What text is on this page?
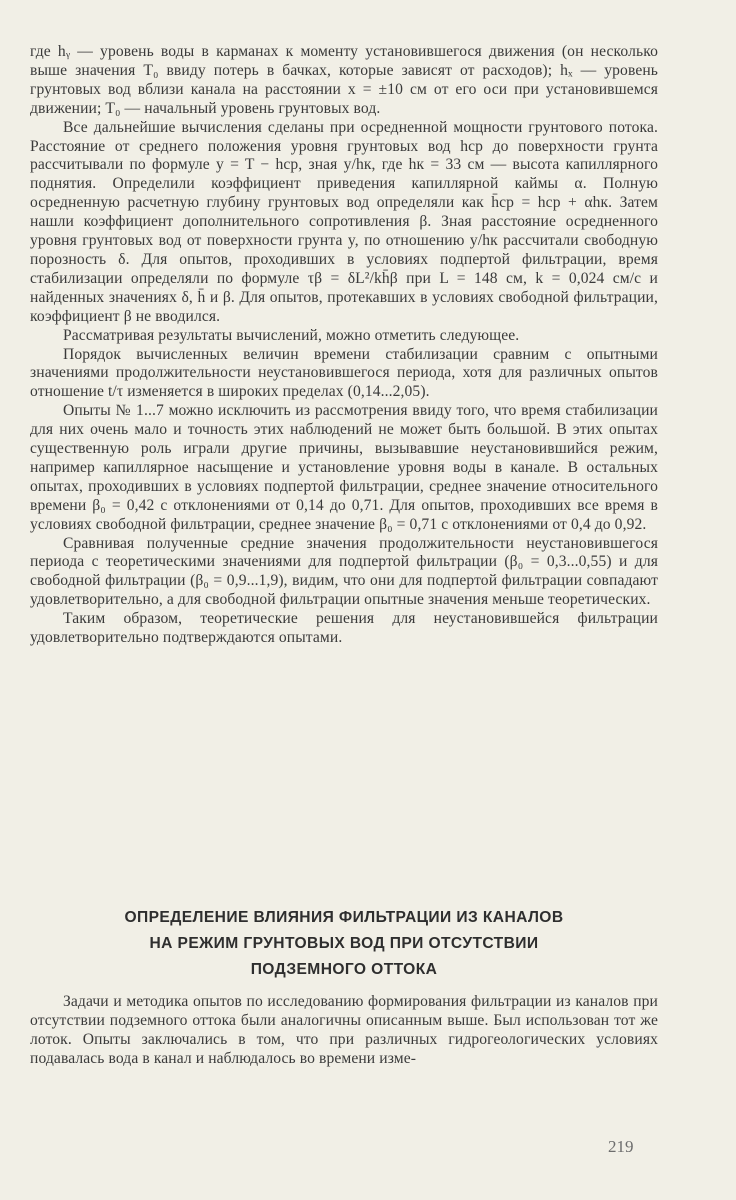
где hᵧ — уровень воды в карманах к моменту установившегося движения (он несколько выше значения T₀ ввиду потерь в бачках, которые зависят от расходов); hₓ — уровень грунтовых вод вблизи канала на расстоянии x = ±10 см от его оси при установившемся движении; T₀ — начальный уровень грунтовых вод.

Все дальнейшие вычисления сделаны при осредненной мощности грунтового потока. Расстояние от среднего положения уровня грунтовых вод hср до поверхности грунта рассчитывали по формуле y = T − hср, зная y/hк, где hк = 33 см — высота капиллярного поднятия. Определили коэффициент приведения капиллярной каймы α. Полную осредненную расчетную глубину грунтовых вод определяли как h̄ср = hср + αhк. Затем нашли коэффициент дополнительного сопротивления β. Зная расстояние осредненного уровня грунтовых вод от поверхности грунта y, по отношению y/hк рассчитали свободную порозность δ. Для опытов, проходивших в условиях подпертой фильтрации, время стабилизации определяли по формуле τβ = δL²/kh̄β при L = 148 см, k = 0,024 см/с и найденных значениях δ, h̄ и β. Для опытов, протекавших в условиях свободной фильтрации, коэффициент β не вводился.

Рассматривая результаты вычислений, можно отметить следующее.

Порядок вычисленных величин времени стабилизации сравним с опытными значениями продолжительности неустановившегося периода, хотя для различных опытов отношение t/τ изменяется в широких пределах (0,14...2,05).

Опыты № 1...7 можно исключить из рассмотрения ввиду того, что время стабилизации для них очень мало и точность этих наблюдений не может быть большой. В этих опытах существенную роль играли другие причины, вызывавшие неустановившийся режим, например капиллярное насыщение и установление уровня воды в канале. В остальных опытах, проходивших в условиях подпертой фильтрации, среднее значение относительного времени β₀ = 0,42 с отклонениями от 0,14 до 0,71. Для опытов, проходивших все время в условиях свободной фильтрации, среднее значение β₀ = 0,71 с отклонениями от 0,4 до 0,92.

Сравнивая полученные средние значения продолжительности неустановившегося периода с теоретическими значениями для подпертой фильтрации (β₀ = 0,3...0,55) и для свободной фильтрации (β₀ = 0,9...1,9), видим, что они для подпертой фильтрации совпадают удовлетворительно, а для свободной фильтрации опытные значения меньше теоретических.

Таким образом, теоретические решения для неустановившейся фильтрации удовлетворительно подтверждаются опытами.

ОПРЕДЕЛЕНИЕ ВЛИЯНИЯ ФИЛЬТРАЦИИ ИЗ КАНАЛОВ
НА РЕЖИМ ГРУНТОВЫХ ВОД ПРИ ОТСУТСТВИИ
ПОДЗЕМНОГО ОТТОКА

Задачи и методика опытов по исследованию формирования фильтрации из каналов при отсутствии подземного оттока были аналогичны описанным выше. Был использован тот же лоток. Опыты заключались в том, что при различных гидрогеологических условиях подавалась вода в канал и наблюдалось во времени изме-

219
